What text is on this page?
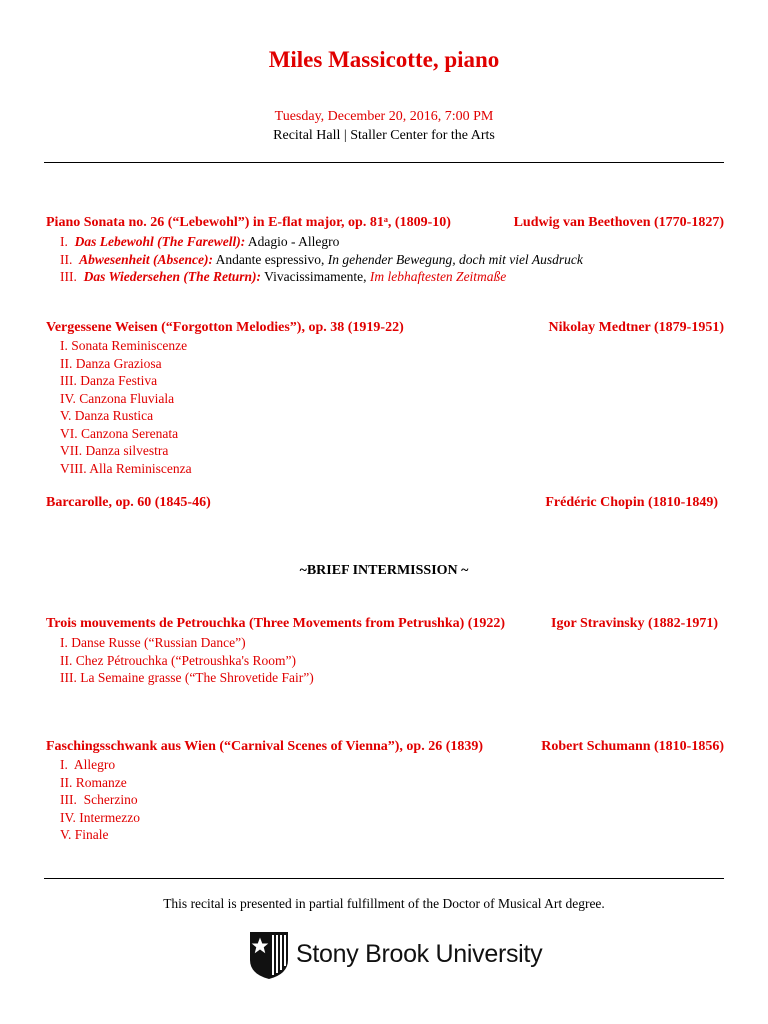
Miles Massicotte, piano
Tuesday, December 20, 2016, 7:00 PM
Recital Hall | Staller Center for the Arts
Piano Sonata no. 26 (“Lebewohl”) in E-flat major, op. 81ᵃ, (1809-10)	Ludwig van Beethoven (1770-1827)
I. Das Lebewohl (The Farewell): Adagio - Allegro
II. Abwesenheit (Absence): Andante espressivo, In gehender Bewegung, doch mit viel Ausdruck
III. Das Wiedersehen (The Return): Vivacissimamente, Im lebhaftesten Zeitmaße
Vergessene Weisen (“Forgotton Melodies”), op. 38 (1919-22)	Nikolay Medtner (1879-1951)
I. Sonata Reminiscenze
II. Danza Graziosa
III. Danza Festiva
IV. Canzona Fluviala
V. Danza Rustica
VI. Canzona Serenata
VII. Danza silvestra
VIII. Alla Reminiscenza
Barcarolle, op. 60 (1845-46)	Frédéric Chopin (1810-1849)
~BRIEF INTERMISSION ~
Trois mouvements de Petrouchka (Three Movements from Petrushka) (1922)	Igor Stravinsky (1882-1971)
I. Danse Russe (“Russian Dance”)
II. Chez Pétrouchka (“Petroushka's Room”)
III. La Semaine grasse (“The Shrovetide Fair”)
Faschingsschwank aus Wien (“Carnival Scenes of Vienna”), op. 26 (1839)	Robert Schumann (1810-1856)
I.  Allegro
II. Romanze
III.  Scherzino
IV. Intermezzo
V. Finale
This recital is presented in partial fulfillment of the Doctor of Musical Art degree.
Stony Brook University
